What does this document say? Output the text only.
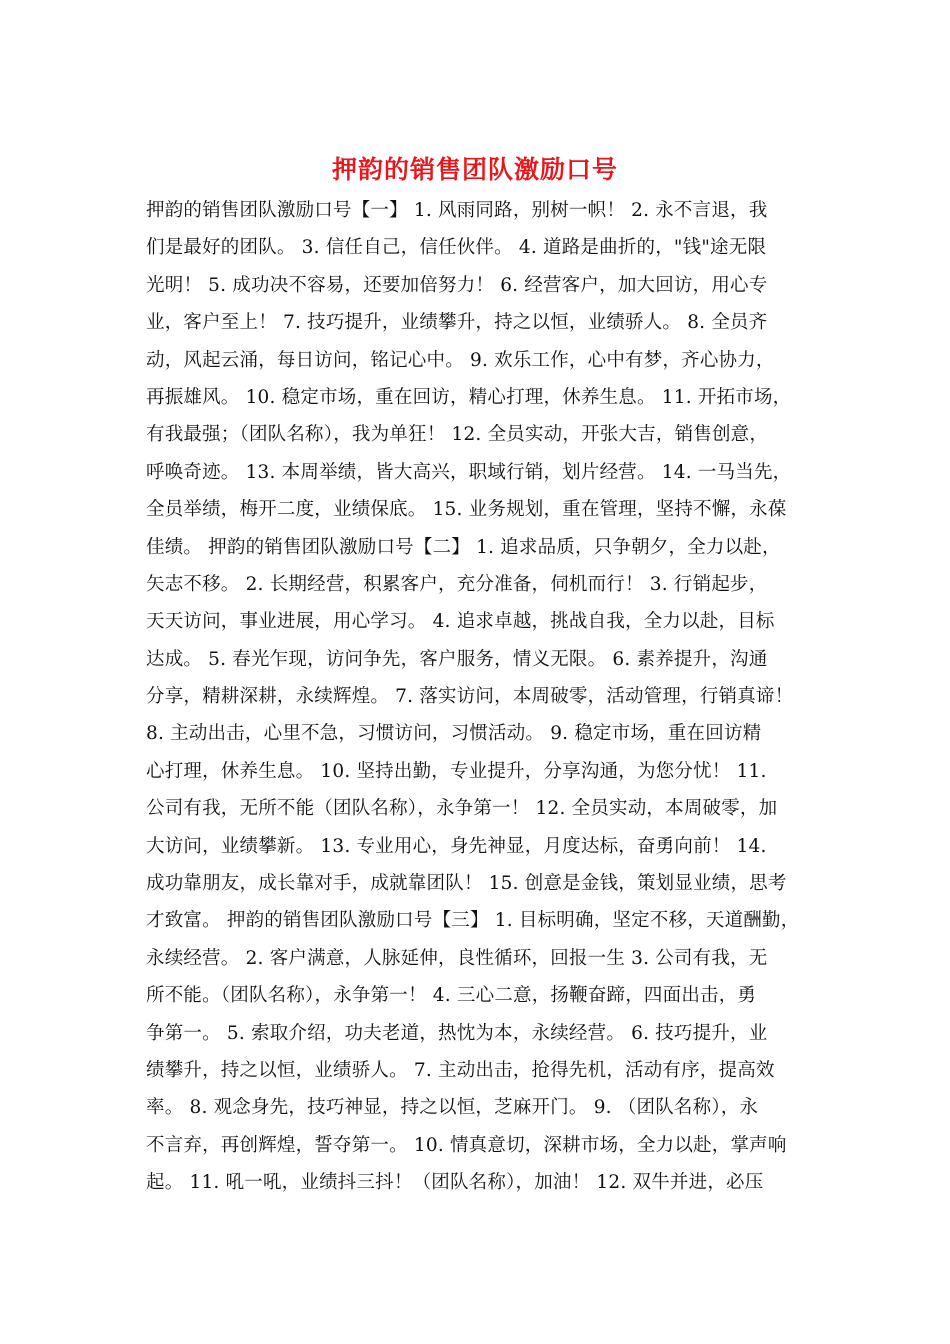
押韵的销售团队激励口号
押韵的销售团队激励口号【一】 1. 风雨同路，别树一帜！ 2. 永不言退，我
们是最好的团队。 3. 信任自己，信任伙伴。 4. 道路是曲折的，"钱"途无限
光明！ 5. 成功决不容易，还要加倍努力！ 6. 经营客户，加大回访，用心专
业，客户至上！ 7. 技巧提升，业绩攀升，持之以恒，业绩骄人。 8. 全员齐
动，风起云涌，每日访问，铭记心中。 9. 欢乐工作，心中有梦，齐心协力，
再振雄风。 10. 稳定市场，重在回访，精心打理，休养生息。 11. 开拓市场，
有我最强；（团队名称），我为单狂！ 12. 全员实动，开张大吉，销售创意，
呼唤奇迹。 13. 本周举绩，皆大高兴，职域行销，划片经营。 14. 一马当先，
全员举绩，梅开二度，业绩保底。 15. 业务规划，重在管理，坚持不懈，永葆
佳绩。 押韵的销售团队激励口号【二】 1. 追求品质，只争朝夕，全力以赴，
矢志不移。 2. 长期经营，积累客户，充分准备，伺机而行！ 3. 行销起步，
天天访问，事业进展，用心学习。 4. 追求卓越，挑战自我，全力以赴，目标
达成。 5. 春光乍现，访问争先，客户服务，情义无限。 6. 素养提升，沟通
分享，精耕深耕，永续辉煌。 7. 落实访问，本周破零，活动管理，行销真谛！
8. 主动出击，心里不急，习惯访问，习惯活动。 9. 稳定市场，重在回访精
心打理，休养生息。 10. 坚持出勤，专业提升，分享沟通，为您分忧！ 11.
公司有我，无所不能（团队名称），永争第一！ 12. 全员实动，本周破零，加
大访问，业绩攀新。 13. 专业用心，身先神显，月度达标，奋勇向前！ 14.
成功靠朋友，成长靠对手，成就靠团队！ 15. 创意是金钱，策划显业绩，思考
才致富。 押韵的销售团队激励口号【三】 1. 目标明确，坚定不移，天道酬勤，
永续经营。 2. 客户满意，人脉延伸，良性循环，回报一生 3. 公司有我，无
所不能。（团队名称），永争第一！ 4. 三心二意，扬鞭奋蹄，四面出击，勇
争第一。 5. 索取介绍，功夫老道，热忱为本，永续经营。 6. 技巧提升，业
绩攀升，持之以恒，业绩骄人。 7. 主动出击，抢得先机，活动有序，提高效
率。 8. 观念身先，技巧神显，持之以恒，芝麻开门。 9. （团队名称），永
不言弃，再创辉煌，誓夺第一。 10. 情真意切，深耕市场，全力以赴，掌声响
起。 11. 吼一吼，业绩抖三抖！（团队名称），加油！ 12. 双牛并进，必压
